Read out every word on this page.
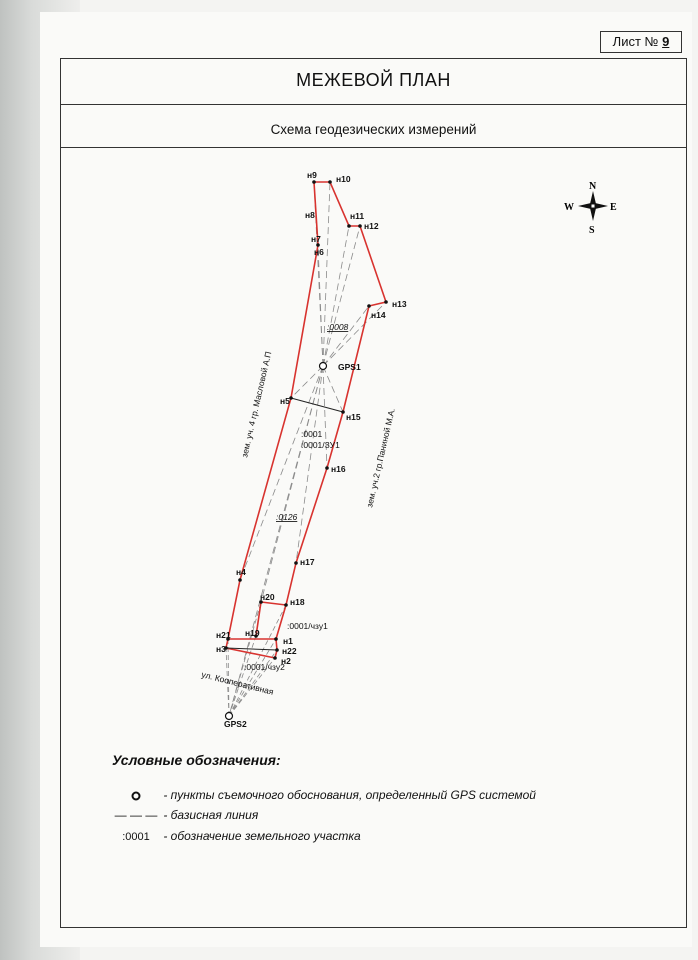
Лист № 9
МЕЖЕВОЙ ПЛАН
Схема геодезических измерений
н9 н10
н8	н11
н12
н7
н6
н13
н14
GPS1
н5
н15
н16
н17
н4
н20 н18
н21 н19
н1
н3	н22
н2
GPS2
:0008
:0001
:0001/ЗУ1
:0126
:0001/чзу1
:0001/чзу2
зем. уч. 4 гр. Масловой А.П	зем. уч.2 гр.Паниной М.А.
ул. Кооперативная
N
S
W	E
Условные обозначения:
- пункты съемочного обоснования, определенный GPS системой
— — — - базисная линия
:0001 - обозначение земельного участка
